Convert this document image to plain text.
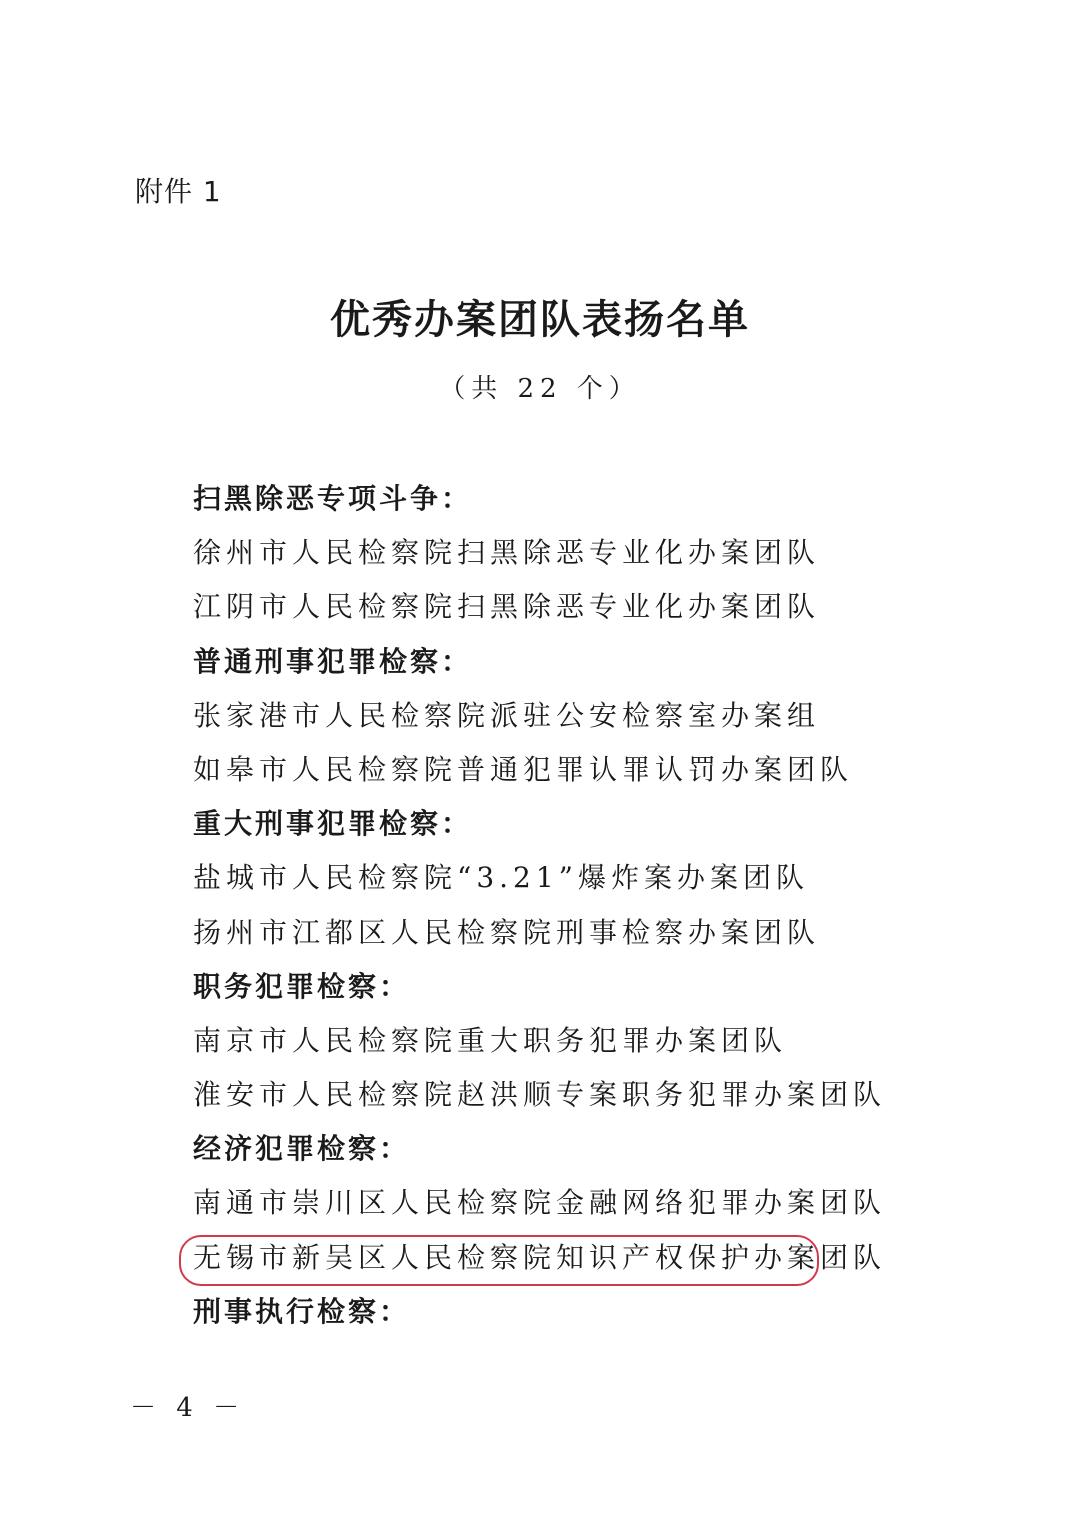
附件 1
优秀办案团队表扬名单
（共 22 个）
扫黑除恶专项斗争：
徐州市人民检察院扫黑除恶专业化办案团队
江阴市人民检察院扫黑除恶专业化办案团队
普通刑事犯罪检察：
张家港市人民检察院派驻公安检察室办案组
如皋市人民检察院普通犯罪认罪认罚办案团队
重大刑事犯罪检察：
盐城市人民检察院“3.21”爆炸案办案团队
扬州市江都区人民检察院刑事检察办案团队
职务犯罪检察：
南京市人民检察院重大职务犯罪办案团队
淮安市人民检察院赵洪顺专案职务犯罪办案团队
经济犯罪检察：
南通市崇川区人民检察院金融网络犯罪办案团队
无锡市新吴区人民检察院知识产权保护办案团队
刑事执行检察：
－ 4 －
